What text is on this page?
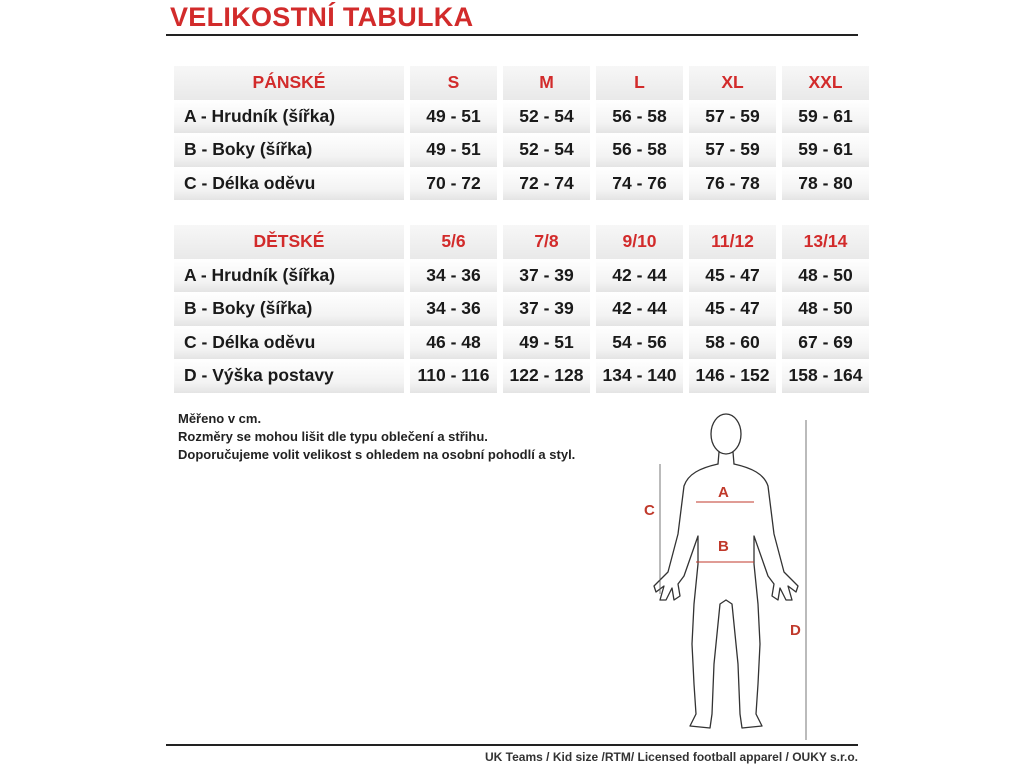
VELIKOSTNÍ TABULKA
PÁNSKÉ	S	M	L	XL	XXL
A - Hrudník (šířka)	49 - 51	52 - 54	56 - 58	57 - 59	59 - 61
B - Boky (šířka)	49 - 51	52 - 54	56 - 58	57 - 59	59 - 61
C - Délka oděvu	70 - 72	72 - 74	74 - 76	76 - 78	78 - 80
DĚTSKÉ	5/6	7/8	9/10	11/12	13/14
A - Hrudník (šířka)	34 - 36	37 - 39	42 - 44	45 - 47	48 - 50
B - Boky (šířka)	34 - 36	37 - 39	42 - 44	45 - 47	48 - 50
C - Délka oděvu	46 - 48	49 - 51	54 - 56	58 - 60	67 - 69
D - Výška postavy	110 - 116	122 - 128	134 - 140	146 - 152	158 - 164
Měřeno v cm.
Rozměry se mohou lišit dle typu oblečení a střihu.
Doporučujeme volit velikost s ohledem na osobní pohodlí a styl.
A
B
C
D
UK Teams / Kid size /RTM/ Licensed football apparel / OUKY s.r.o.
